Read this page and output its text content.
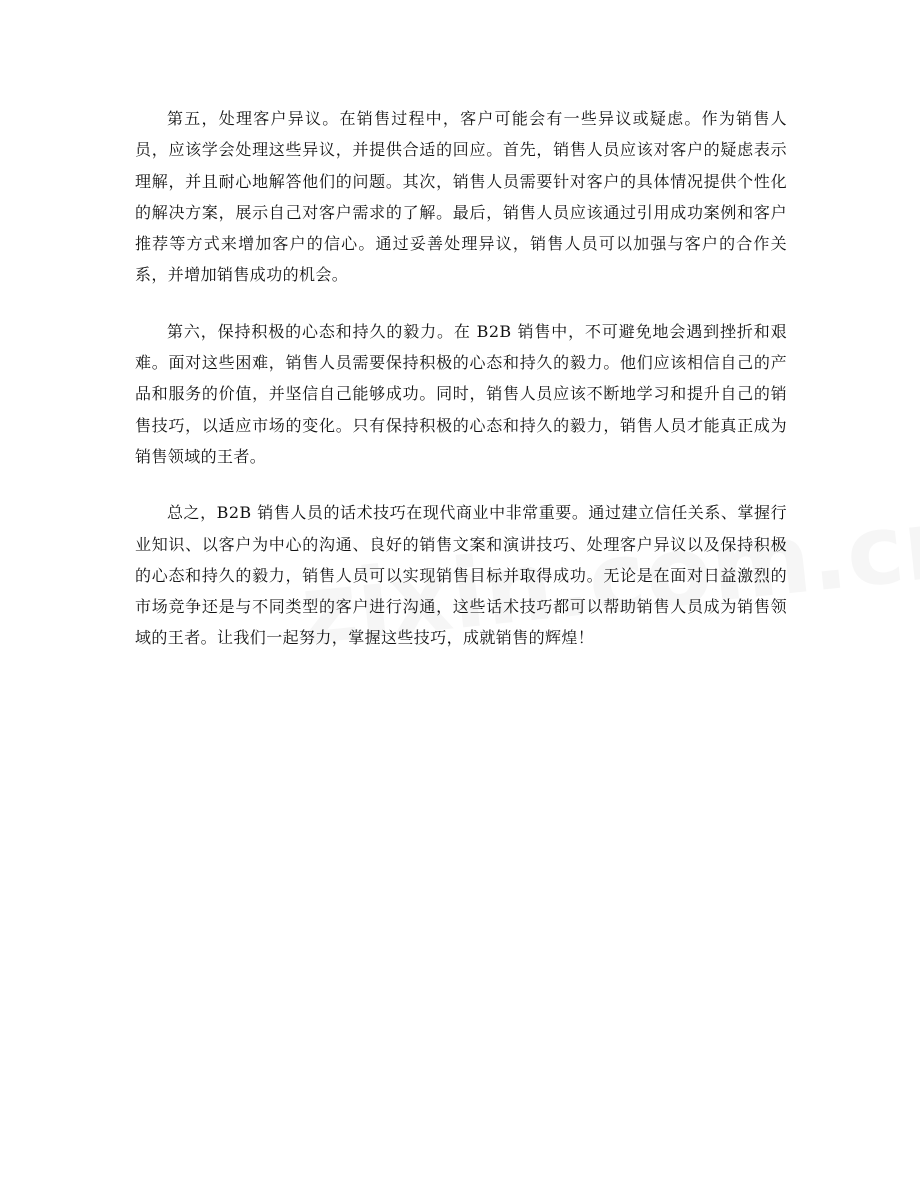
第五，处理客户异议。在销售过程中，客户可能会有一些异议或疑虑。作为销售人员，应该学会处理这些异议，并提供合适的回应。首先，销售人员应该对客户的疑虑表示理解，并且耐心地解答他们的问题。其次，销售人员需要针对客户的具体情况提供个性化的解决方案，展示自己对客户需求的了解。最后，销售人员应该通过引用成功案例和客户推荐等方式来增加客户的信心。通过妥善处理异议，销售人员可以加强与客户的合作关系，并增加销售成功的机会。

第六，保持积极的心态和持久的毅力。在 B2B 销售中，不可避免地会遇到挫折和艰难。面对这些困难，销售人员需要保持积极的心态和持久的毅力。他们应该相信自己的产品和服务的价值，并坚信自己能够成功。同时，销售人员应该不断地学习和提升自己的销售技巧，以适应市场的变化。只有保持积极的心态和持久的毅力，销售人员才能真正成为销售领域的王者。

总之，B2B 销售人员的话术技巧在现代商业中非常重要。通过建立信任关系、掌握行业知识、以客户为中心的沟通、良好的销售文案和演讲技巧、处理客户异议以及保持积极的心态和持久的毅力，销售人员可以实现销售目标并取得成功。无论是在面对日益激烈的市场竞争还是与不同类型的客户进行沟通，这些话术技巧都可以帮助销售人员成为销售领域的王者。让我们一起努力，掌握这些技巧，成就销售的辉煌！
